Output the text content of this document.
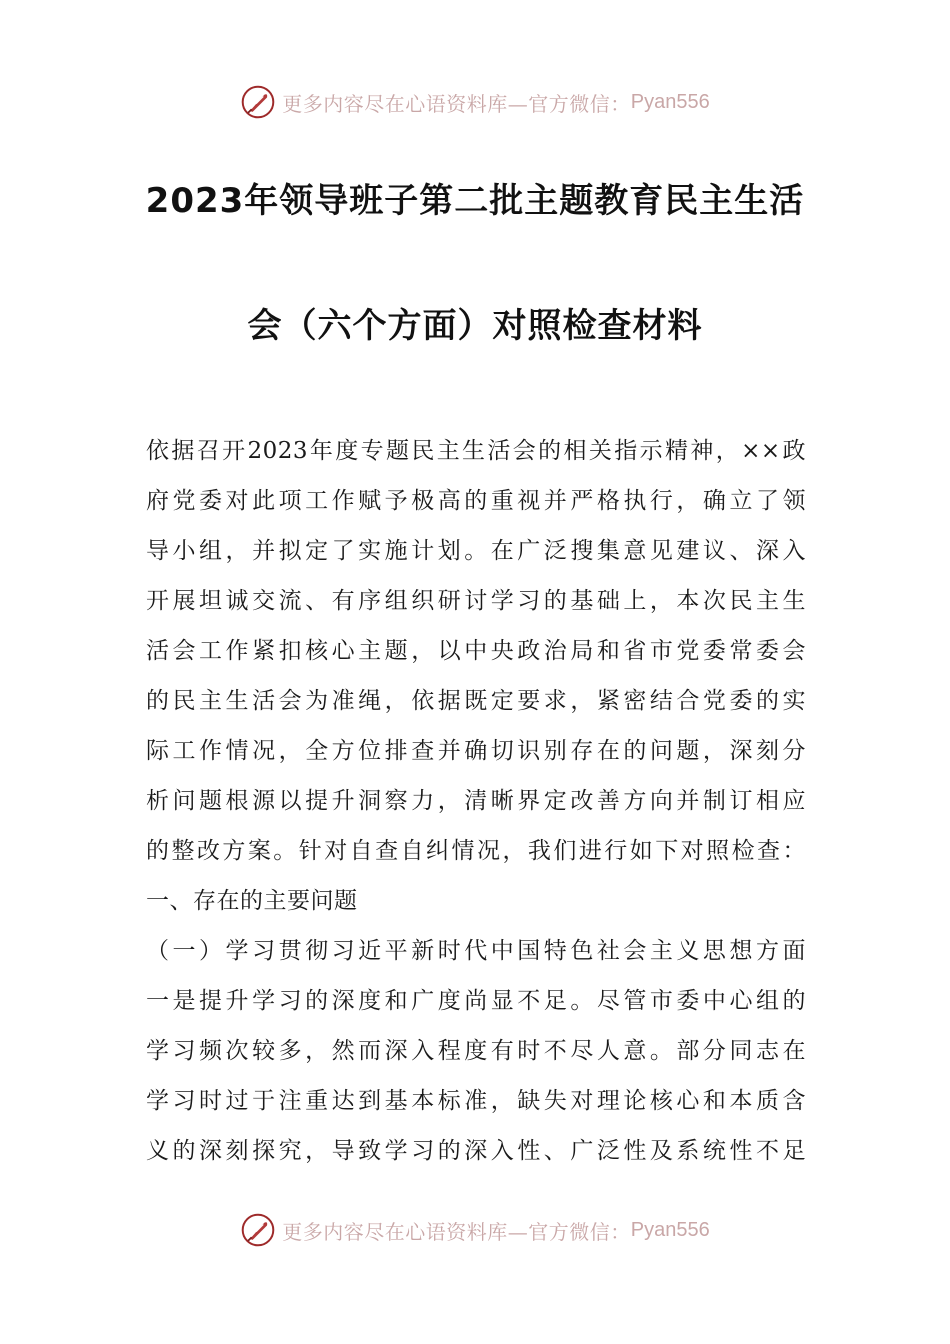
更多内容尽在心语资料库—官方微信： Pyan556
2023年领导班子第二批主题教育民主生活
会（六个方面）对照检查材料
依据召开2023年度专题民主生活会的相关指示精神，××政
府党委对此项工作赋予极高的重视并严格执行，确立了领
导小组，并拟定了实施计划。在广泛搜集意见建议、深入
开展坦诚交流、有序组织研讨学习的基础上，本次民主生
活会工作紧扣核心主题，以中央政治局和省市党委常委会
的民主生活会为准绳，依据既定要求，紧密结合党委的实
际工作情况，全方位排查并确切识别存在的问题，深刻分
析问题根源以提升洞察力，清晰界定改善方向并制订相应
的整改方案。针对自查自纠情况，我们进行如下对照检查：
一、存在的主要问题
（一）学习贯彻习近平新时代中国特色社会主义思想方面
一是提升学习的深度和广度尚显不足。尽管市委中心组的
学习频次较多，然而深入程度有时不尽人意。部分同志在
学习时过于注重达到基本标准，缺失对理论核心和本质含
义的深刻探究，导致学习的深入性、广泛性及系统性不足
更多内容尽在心语资料库—官方微信： Pyan556
